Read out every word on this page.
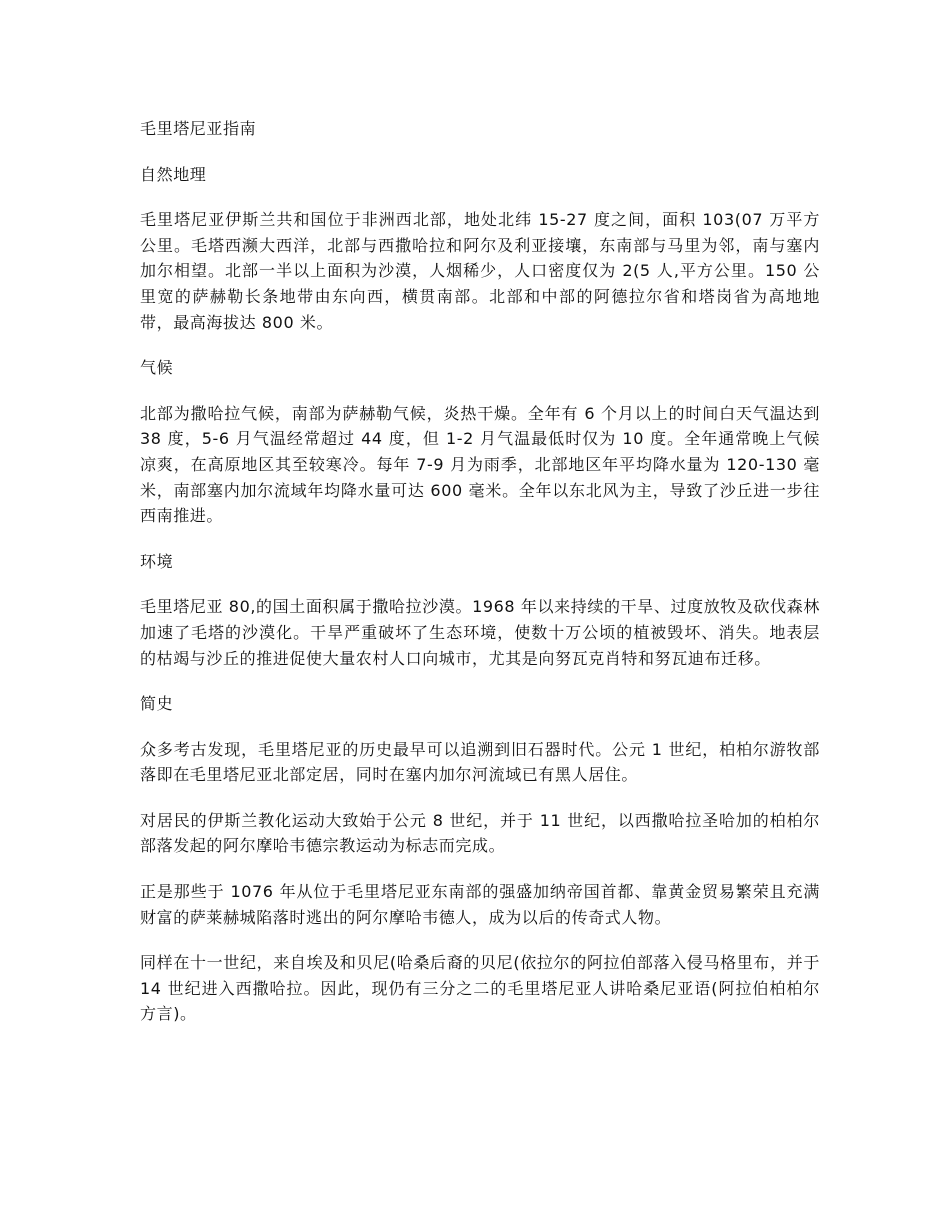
毛里塔尼亚指南

自然地理

毛里塔尼亚伊斯兰共和国位于非洲西北部，地处北纬 15-27 度之间，面积 103(07 万平方公里。毛塔西濒大西洋，北部与西撒哈拉和阿尔及利亚接壤，东南部与马里为邻，南与塞内加尔相望。北部一半以上面积为沙漠，人烟稀少，人口密度仅为 2(5 人,平方公里。150 公里宽的萨赫勒长条地带由东向西，横贯南部。北部和中部的阿德拉尔省和塔岗省为高地地带，最高海拔达 800 米。

气候

北部为撒哈拉气候，南部为萨赫勒气候，炎热干燥。全年有 6 个月以上的时间白天气温达到 38 度，5-6 月气温经常超过 44 度，但 1-2 月气温最低时仅为 10 度。全年通常晚上气候凉爽，在高原地区其至较寒冷。每年 7-9 月为雨季，北部地区年平均降水量为 120-130 毫米，南部塞内加尔流域年均降水量可达 600 毫米。全年以东北风为主，导致了沙丘进一步往西南推进。

环境

毛里塔尼亚 80,的国土面积属于撒哈拉沙漠。1968 年以来持续的干旱、过度放牧及砍伐森林加速了毛塔的沙漠化。干旱严重破坏了生态环境，使数十万公顷的植被毁坏、消失。地表层的枯竭与沙丘的推进促使大量农村人口向城市，尤其是向努瓦克肖特和努瓦迪布迁移。

简史

众多考古发现，毛里塔尼亚的历史最早可以追溯到旧石器时代。公元 1 世纪，柏柏尔游牧部落即在毛里塔尼亚北部定居，同时在塞内加尔河流域已有黑人居住。

对居民的伊斯兰教化运动大致始于公元 8 世纪，并于 11 世纪，以西撒哈拉圣哈加的柏柏尔部落发起的阿尔摩哈韦德宗教运动为标志而完成。

正是那些于 1076 年从位于毛里塔尼亚东南部的强盛加纳帝国首都、靠黄金贸易繁荣且充满财富的萨莱赫城陷落时逃出的阿尔摩哈韦德人，成为以后的传奇式人物。

同样在十一世纪，来自埃及和贝尼(哈桑后裔的贝尼(依拉尔的阿拉伯部落入侵马格里布，并于 14 世纪进入西撒哈拉。因此，现仍有三分之二的毛里塔尼亚人讲哈桑尼亚语(阿拉伯柏柏尔方言)。
